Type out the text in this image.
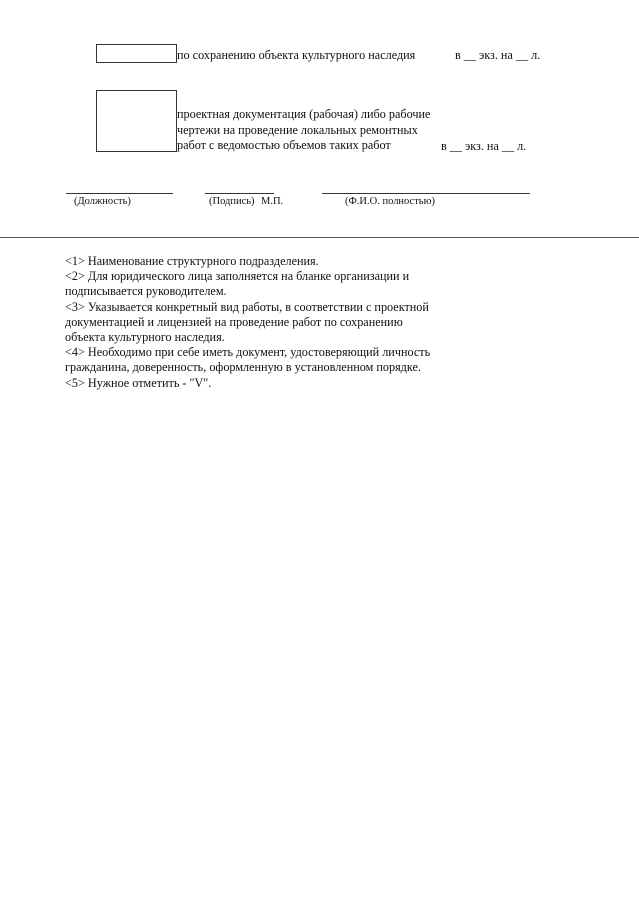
по сохранению объекта культурного наследия	в __ экз. на __ л.
проектная документация (рабочая) либо рабочие
чертежи на проведение локальных ремонтных
работ с ведомостью объемов таких работ	в __ экз. на __ л.
(Должность)	(Подпись) М.П.	(Ф.И.О. полностью)

<1> Наименование структурного подразделения.

<2> Для юридического лица заполняется на бланке организации и

подписывается руководителем.

<3> Указывается конкретный вид работы, в соответствии с проектной

документацией и лицензией на проведение работ по сохранению

объекта культурного наследия.

<4> Необходимо при себе иметь документ, удостоверяющий личность

гражданина, доверенность, оформленную в установленном порядке.

<5> Нужное отметить - "V".
